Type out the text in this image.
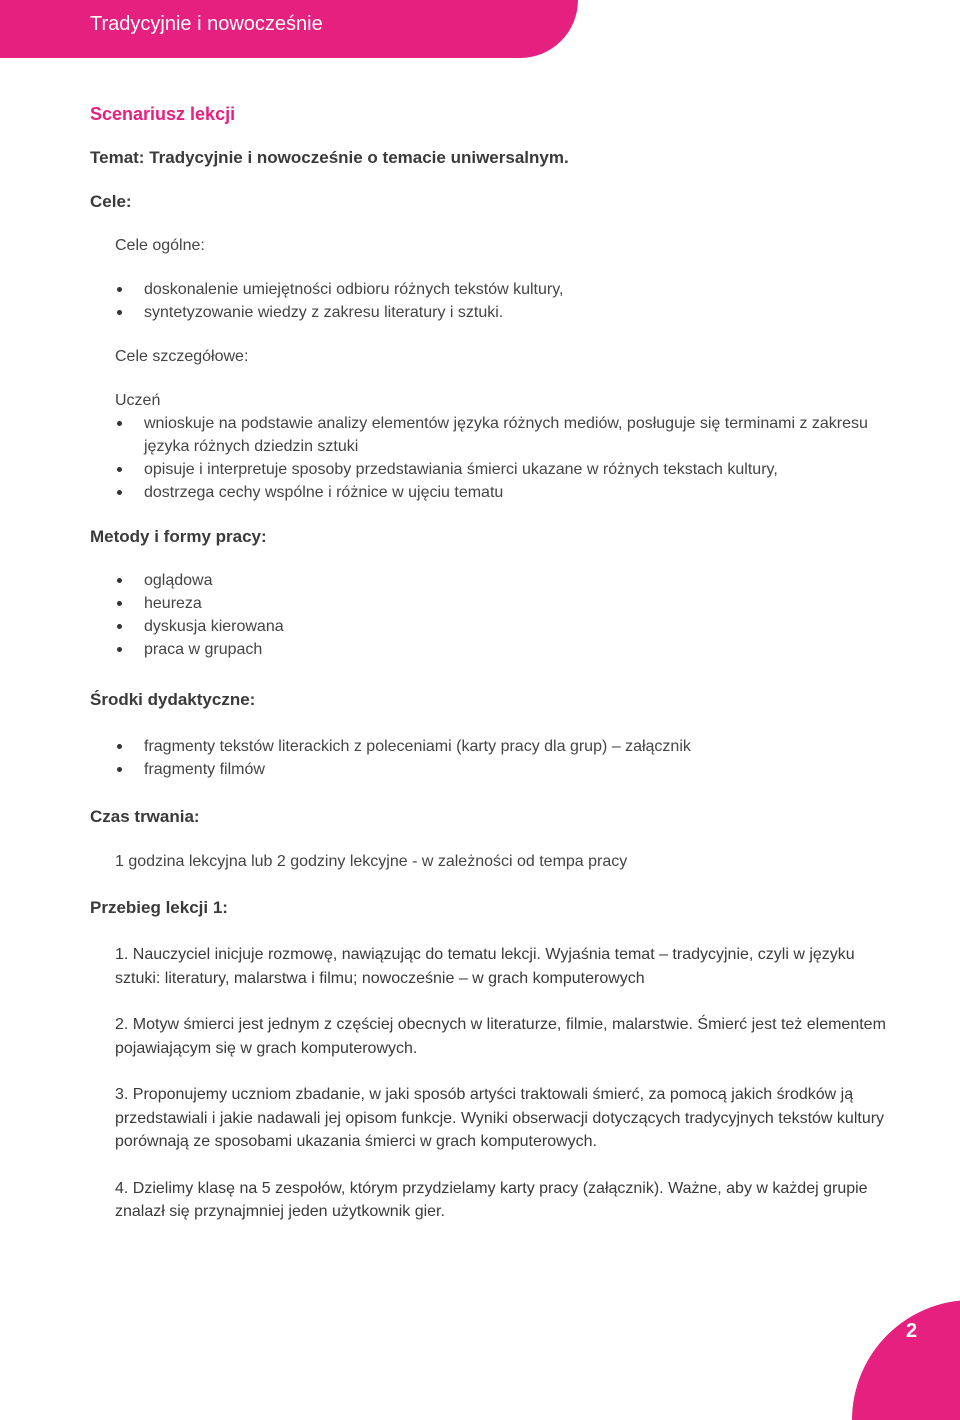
Tradycyjnie i nowocześnie

Scenariusz lekcji

Temat: Tradycyjnie i nowocześnie o temacie uniwersalnym.

Cele:

Cele ogólne:

doskonalenie umiejętności odbioru różnych tekstów kultury,
syntetyzowanie wiedzy z zakresu literatury i sztuki.

Cele szczegółowe:

Uczeń

wnioskuje na podstawie analizy elementów języka różnych mediów, posługuje się terminami z zakresu języka różnych dziedzin sztuki
opisuje i interpretuje sposoby przedstawiania śmierci ukazane w różnych tekstach kultury,
dostrzega cechy wspólne i różnice w ujęciu tematu

Metody i formy pracy:

oglądowa
heureza
dyskusja kierowana
praca w grupach

Środki dydaktyczne:

fragmenty tekstów literackich z poleceniami (karty pracy dla grup) – załącznik
fragmenty filmów

Czas trwania:

1 godzina lekcyjna lub 2 godziny lekcyjne - w zależności od tempa pracy

Przebieg lekcji 1:

1. Nauczyciel inicjuje rozmowę, nawiązując do tematu lekcji. Wyjaśnia temat – tradycyjnie, czyli w języku sztuki: literatury, malarstwa i filmu; nowocześnie – w grach komputerowych

2. Motyw śmierci jest jednym z częściej obecnych w literaturze, filmie, malarstwie. Śmierć jest też elementem pojawiającym się w grach komputerowych.

3. Proponujemy uczniom zbadanie, w jaki sposób artyści traktowali śmierć, za pomocą jakich środków ją przedstawiali i jakie nadawali jej opisom funkcje. Wyniki obserwacji dotyczących tradycyjnych tekstów kultury porównają ze sposobami ukazania śmierci w grach komputerowych.

4. Dzielimy klasę na 5 zespołów, którym przydzielamy karty pracy (załącznik). Ważne, aby w każdej grupie znalazł się przynajmniej jeden użytkownik gier.

2
